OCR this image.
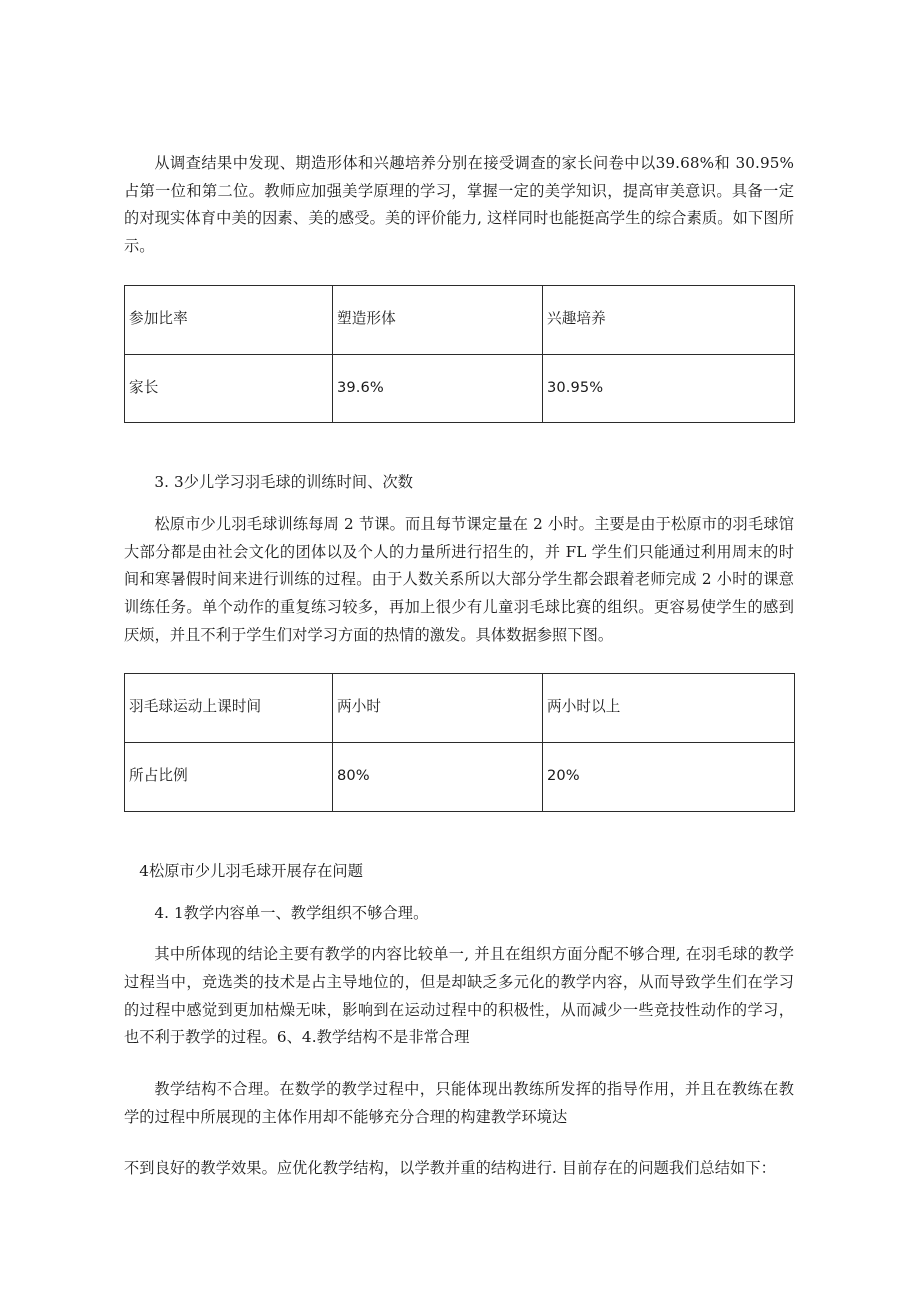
从调查结果中发现、期造形体和兴趣培养分别在接受调查的家长问卷中以39.68%和 30.95%占第一位和第二位。教师应加强美学原理的学习，掌握一定的美学知识，提高审美意识。具备一定的对现实体育中美的因素、美的感受。美的评价能力, 这样同时也能挺高学生的综合素质。如下图所示。

参加比率	塑造形体	兴趣培养
家长	39.6%	30.95%

3. 3少儿学习羽毛球的训练时间、次数

松原市少儿羽毛球训练每周 2 节课。而且每节课定量在 2 小时。主要是由于松原市的羽毛球馆大部分都是由社会文化的团体以及个人的力量所进行招生的，并 FL 学生们只能通过利用周末的时间和寒暑假时间来进行训练的过程。由于人数关系所以大部分学生都会跟着老师完成 2 小时的课意训练任务。单个动作的重复练习较多，再加上很少有儿童羽毛球比赛的组织。更容易使学生的感到厌烦，并且不利于学生们对学习方面的热情的激发。具体数据参照下图。

羽毛球运动上课时间	两小时	两小时以上
所占比例	80%	20%

4松原市少儿羽毛球开展存在问题

4. 1教学内容单一、教学组织不够合理。

其中所体现的结论主要有教学的内容比较单一, 并且在组织方面分配不够合理, 在羽毛球的教学过程当中，竞选类的技术是占主导地位的，但是却缺乏多元化的教学内容，从而导致学生们在学习的过程中感觉到更加枯燥无味，影响到在运动过程中的积极性，从而减少一些竞技性动作的学习，也不利于教学的过程。6、4.教学结构不是非常合理

教学结构不合理。在数学的教学过程中，只能体现出教练所发挥的指导作用，并且在教练在教学的过程中所展现的主体作用却不能够充分合理的构建教学环境达

不到良好的教学效果。应优化教学结构，以学教并重的结构进行. 目前存在的问题我们总结如下：
